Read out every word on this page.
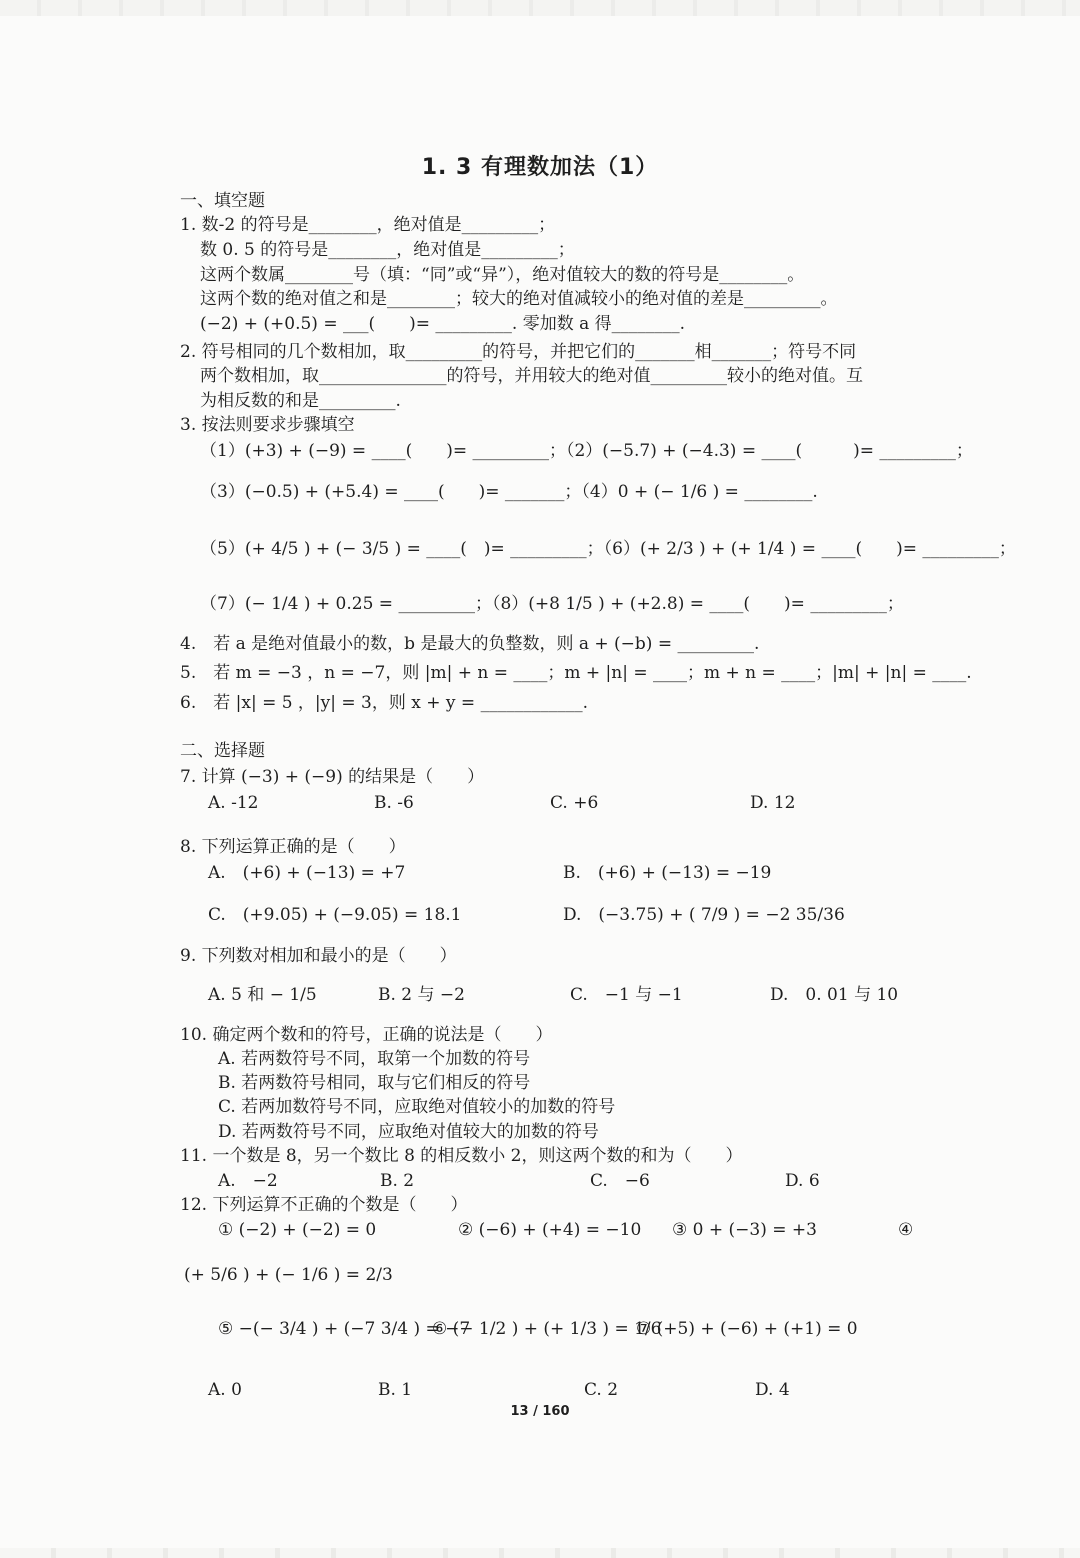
1. 3 有理数加法（1）
一、填空题
1. 数-2 的符号是________，绝对值是_________；
数 0. 5 的符号是________，绝对值是_________；
这两个数属________号（填：“同”或“异”），绝对值较大的数的符号是________。
这两个数的绝对值之和是________；较大的绝对值减较小的绝对值的差是_________。
(−2) + (+0.5) = ___(　　)= _________. 零加数 a 得________.
2. 符号相同的几个数相加，取_________的符号，并把它们的_______相_______；符号不同
两个数相加，取_______________的符号，并用较大的绝对值_________较小的绝对值。互
为相反数的和是_________.
3. 按法则要求步骤填空
（1）(+3) + (−9) = ____(　　)= _________；（2）(−5.7) + (−4.3) = ____(　　　)= _________；
（3）(−0.5) + (+5.4) = ____(　　)= _______；（4）0 + (− 1/6 ) = ________.
（5）(+ 4/5 ) + (− 3/5 ) = ____(　)= _________；（6）(+ 2/3 ) + (+ 1/4 ) = ____(　　)= _________；
（7）(− 1/4 ) + 0.25 = _________；（8）(+8 1/5 ) + (+2.8) = ____(　　)= _________；
4.　若 a 是绝对值最小的数，b 是最大的负整数，则 a + (−b) = _________.
5.　若 m = −3 ，n = −7，则 |m| + n = ____；m + |n| = ____；m + n = ____；|m| + |n| = ____.
6.　若 |x| = 5 ，|y| = 3，则 x + y = ____________.
二、选择题
7. 计算 (−3) + (−9) 的结果是（　　）
A. -12	B. -6	C. +6	D. 12
8. 下列运算正确的是（　　）
A.　(+6) + (−13) = +7	B.　(+6) + (−13) = −19
C.　(+9.05) + (−9.05) = 18.1	D.　(−3.75) + ( 7/9 ) = −2 35/36
9. 下列数对相加和最小的是（　　）
A. 5 和 − 1/5	B. 2 与 −2	C.　−1 与 −1	D.　0. 01 与 10
10. 确定两个数和的符号，正确的说法是（　　）
A. 若两数符号不同，取第一个加数的符号
B. 若两数符号相同，取与它们相反的符号
C. 若两加数符号不同，应取绝对值较小的加数的符号
D. 若两数符号不同，应取绝对值较大的加数的符号
11. 一个数是 8，另一个数比 8 的相反数小 2，则这两个数的和为（　　）
A.　−2	B. 2	C.　−6	D. 6
12. 下列运算不正确的个数是（　　）
① (−2) + (−2) = 0	② (−6) + (+4) = −10 ③ 0 + (−3) = +3	④
(+ 5/6 ) + (− 1/6 ) = 2/3
⑤ −(− 3/4 ) + (−7 3/4 ) = −7
⑥ (− 1/2 ) + (+ 1/3 ) = 1/6
⑦ (+5) + (−6) + (+1) = 0
A. 0	B. 1	C. 2	D. 4
13 / 160
